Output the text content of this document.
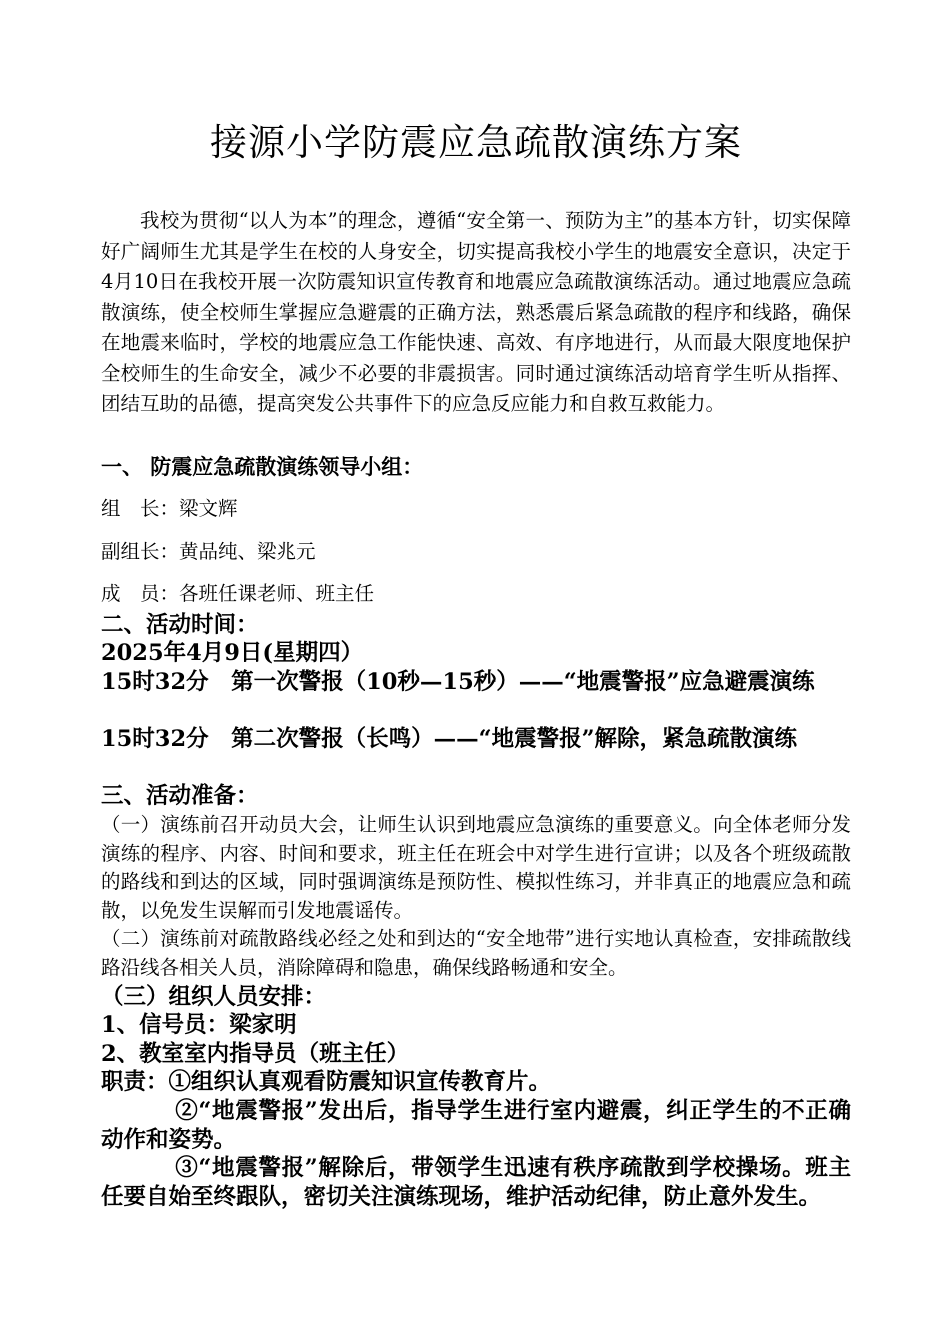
接源小学防震应急疏散演练方案
我校为贯彻“以人为本”的理念，遵循“安全第一、预防为主”的基本方针，切实保障好广阔师生尤其是学生在校的人身安全，切实提高我校小学生的地震安全意识，决定于4月10日在我校开展一次防震知识宣传教育和地震应急疏散演练活动。通过地震应急疏散演练，使全校师生掌握应急避震的正确方法，熟悉震后紧急疏散的程序和线路，确保在地震来临时，学校的地震应急工作能快速、高效、有序地进行，从而最大限度地保护全校师生的生命安全，减少不必要的非震损害。同时通过演练活动培育学生听从指挥、团结互助的品德，提高突发公共事件下的应急反应能力和自救互救能力。
一、 防震应急疏散演练领导小组：
组　长：梁文辉
副组长：黄品纯、梁兆元
成　员：各班任课老师、班主任
二、活动时间：
2025年4月9日(星期四）
15时32分　第一次警报（10秒—15秒）——“地震警报”应急避震演练
15时32分　第二次警报（长鸣）——“地震警报”解除，紧急疏散演练
三、活动准备：
（一）演练前召开动员大会，让师生认识到地震应急演练的重要意义。向全体老师分发演练的程序、内容、时间和要求，班主任在班会中对学生进行宣讲；以及各个班级疏散的路线和到达的区域，同时强调演练是预防性、模拟性练习，并非真正的地震应急和疏散，以免发生误解而引发地震谣传。
（二）演练前对疏散路线必经之处和到达的“安全地带”进行实地认真检查，安排疏散线路沿线各相关人员，消除障碍和隐患，确保线路畅通和安全。
（三）组织人员安排：
1、信号员：梁家明
2、教室室内指导员（班主任）
职责：①组织认真观看防震知识宣传教育片。
②“地震警报”发出后，指导学生进行室内避震，纠正学生的不正确动作和姿势。
③“地震警报”解除后，带领学生迅速有秩序疏散到学校操场。班主任要自始至终跟队，密切关注演练现场，维护活动纪律，防止意外发生。
